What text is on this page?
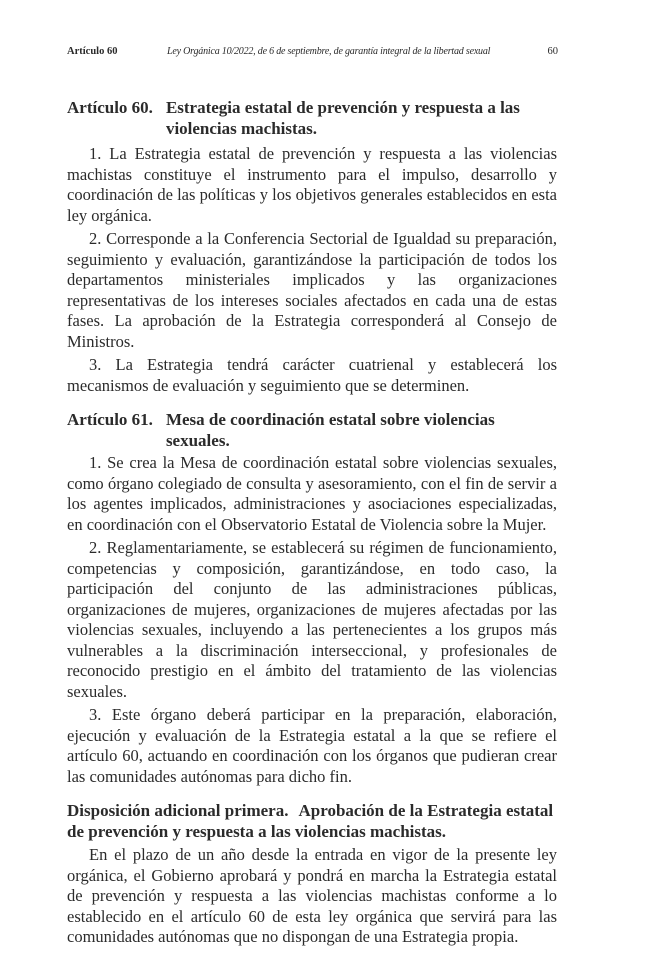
Artículo 60	Ley Orgánica 10/2022, de 6 de septiembre, de garantía integral de la libertad sexual	60
Artículo 60. Estrategia estatal de prevención y respuesta a las violencias machistas.

1. La Estrategia estatal de prevención y respuesta a las violencias machistas constituye el instrumento para el impulso, desarrollo y coordinación de las políticas y los objetivos generales establecidos en esta ley orgánica.

2. Corresponde a la Conferencia Sectorial de Igualdad su preparación, seguimiento y evaluación, garantizándose la participación de todos los departamentos ministeriales implicados y las organizaciones representativas de los intereses sociales afectados en cada una de estas fases. La aprobación de la Estrategia corresponderá al Consejo de Ministros.

3. La Estrategia tendrá carácter cuatrienal y establecerá los mecanismos de evaluación y seguimiento que se determinen.

Artículo 61. Mesa de coordinación estatal sobre violencias sexuales.

1. Se crea la Mesa de coordinación estatal sobre violencias sexuales, como órgano colegiado de consulta y asesoramiento, con el fin de servir a los agentes implicados, administraciones y asociaciones especializadas, en coordinación con el Observatorio Estatal de Violencia sobre la Mujer.

2. Reglamentariamente, se establecerá su régimen de funcionamiento, competencias y composición, garantizándose, en todo caso, la participación del conjunto de las administraciones públicas, organizaciones de mujeres, organizaciones de mujeres afectadas por las violencias sexuales, incluyendo a las pertenecientes a los grupos más vulnerables a la discriminación interseccional, y profesionales de reconocido prestigio en el ámbito del tratamiento de las violencias sexuales.

3. Este órgano deberá participar en la preparación, elaboración, ejecución y evaluación de la Estrategia estatal a la que se refiere el artículo 60, actuando en coordinación con los órganos que pudieran crear las comunidades autónomas para dicho fin.

Disposición adicional primera. Aprobación de la Estrategia estatal de prevención y respuesta a las violencias machistas.

En el plazo de un año desde la entrada en vigor de la presente ley orgánica, el Gobierno aprobará y pondrá en marcha la Estrategia estatal de prevención y respuesta a las violencias machistas conforme a lo establecido en el artículo 60 de esta ley orgánica que servirá para las comunidades autónomas que no dispongan de una Estrategia propia.
